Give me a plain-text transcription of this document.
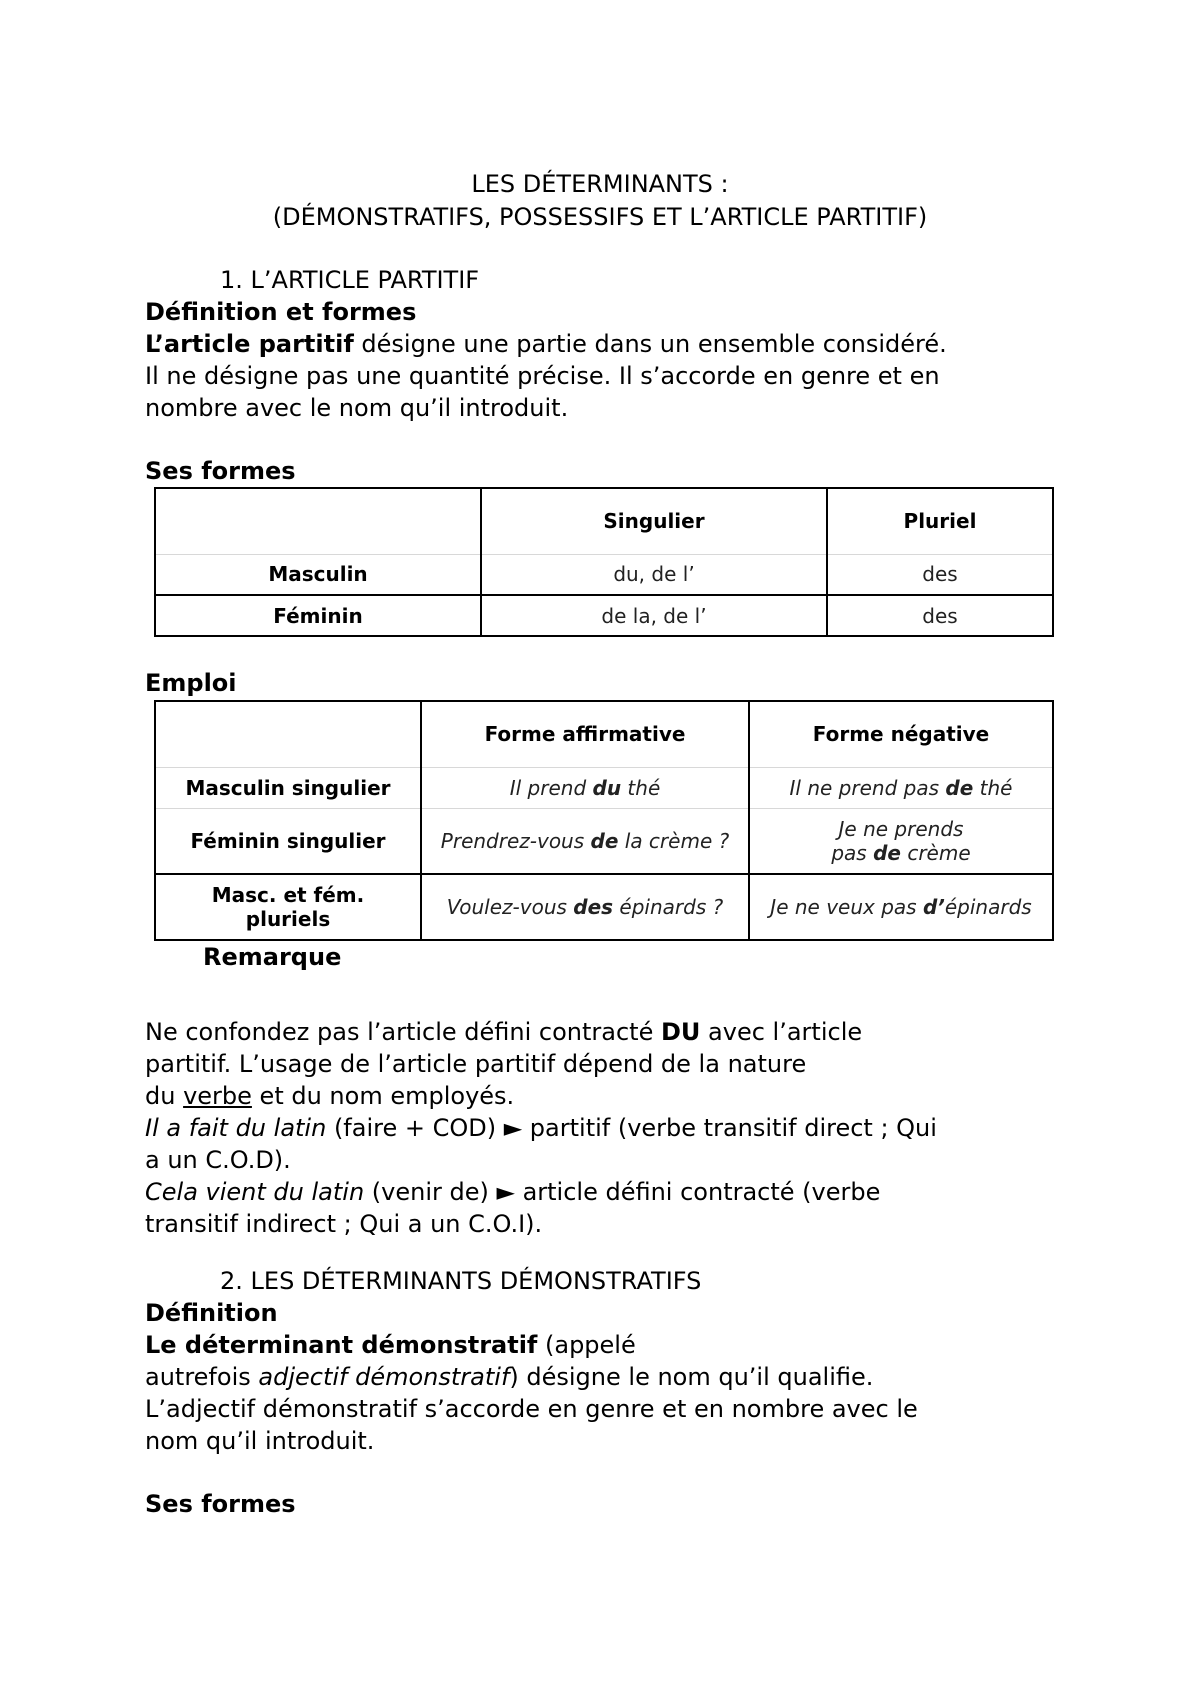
LES DÉTERMINANTS :
(DÉMONSTRATIFS, POSSESSIFS ET L’ARTICLE PARTITIF)
1. L’ARTICLE PARTITIF
Définition et formes
L’article partitif désigne une partie dans un ensemble considéré.
Il ne désigne pas une quantité précise. Il s’accorde en genre et en
nombre avec le nom qu’il introduit.
Ses formes
	Singulier	Pluriel
Masculin	du, de l’	des
Féminin	de la, de l’	des
Emploi
	Forme affirmative	Forme négative
Masculin singulier	Il prend du thé	Il ne prend pas de thé
Féminin singulier	Prendrez-vous de la crème ?	Je ne prends
pas de crème
Masc. et fém.
pluriels	Voulez-vous des épinards ?	Je ne veux pas d’épinards
Remarque
Ne confondez pas l’article défini contracté DU avec l’article
partitif. L’usage de l’article partitif dépend de la nature
du verbe et du nom employés.
Il a fait du latin (faire + COD) ► partitif (verbe transitif direct ; Qui
a un C.O.D).
Cela vient du latin (venir de) ► article défini contracté (verbe
transitif indirect ; Qui a un C.O.I).
2. LES DÉTERMINANTS DÉMONSTRATIFS
Définition
Le déterminant démonstratif (appelé
autrefois adjectif démonstratif) désigne le nom qu’il qualifie.
L’adjectif démonstratif s’accorde en genre et en nombre avec le
nom qu’il introduit.
Ses formes
